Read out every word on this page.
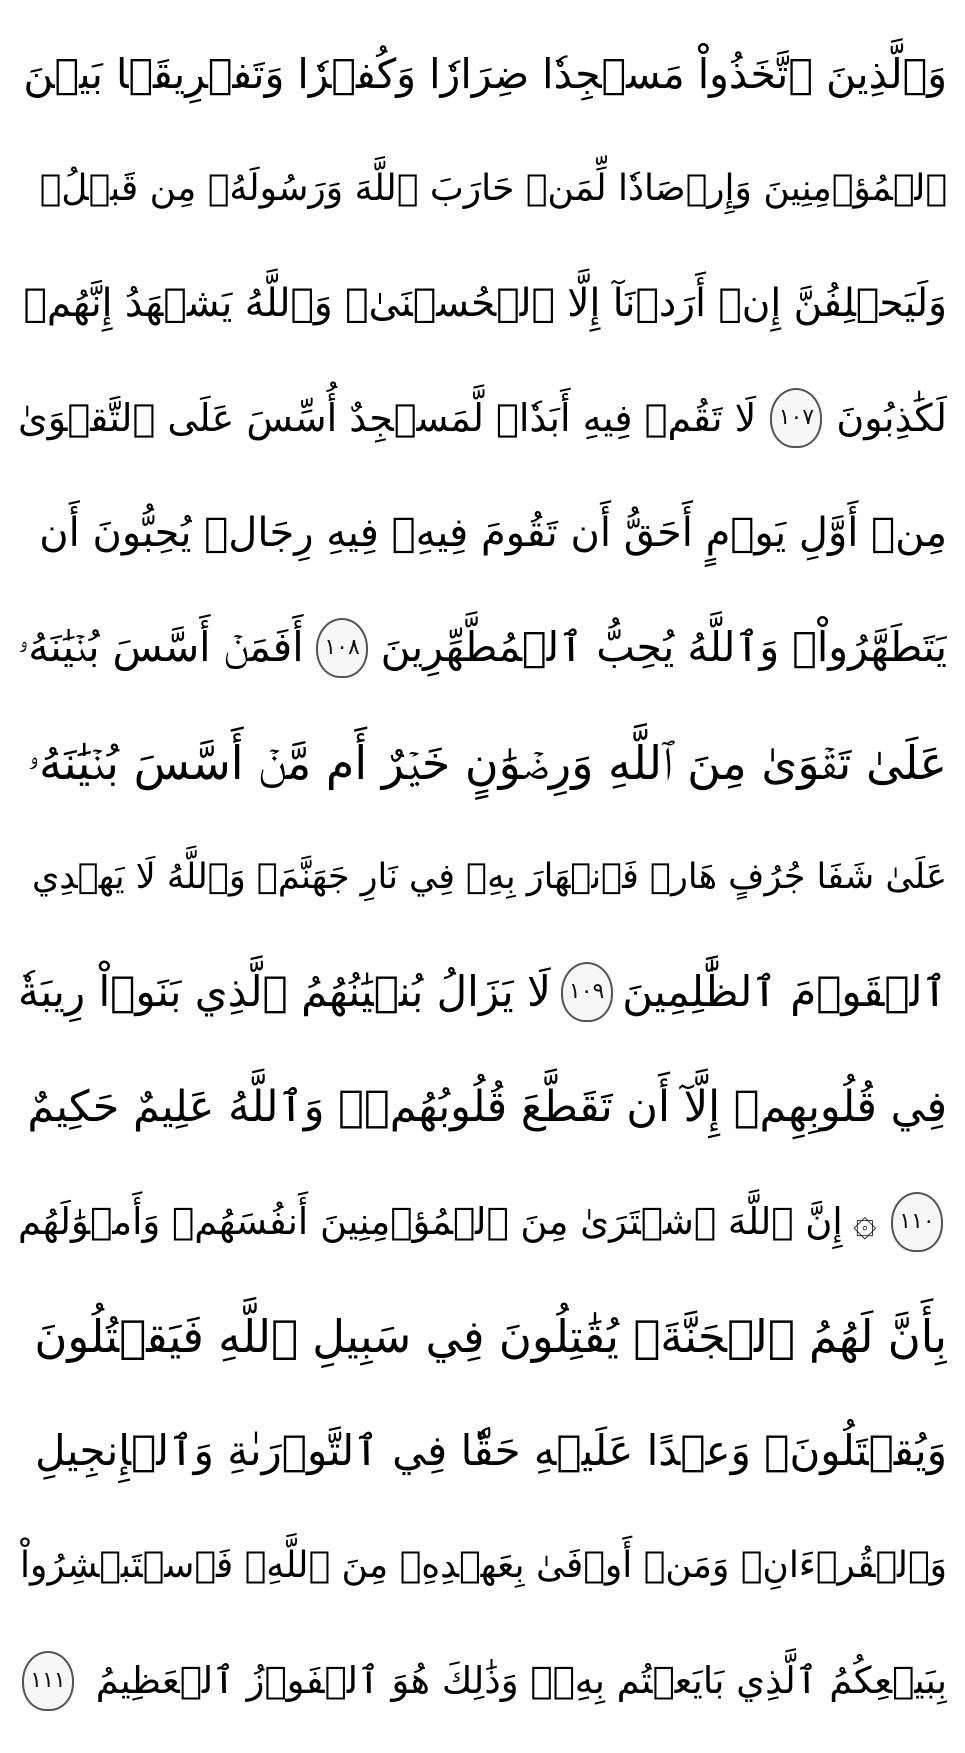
وَٱلَّذِينَ ٱتَّخَذُواْ مَسۡجِدٗا ضِرَارٗا وَكُفۡرٗا وَتَفۡرِيقَۢا بَيۡنَ
ٱلۡمُؤۡمِنِينَ وَإِرۡصَادٗا لِّمَنۡ حَارَبَ ٱللَّهَ وَرَسُولَهُۥ مِن قَبۡلُۚ
وَلَيَحۡلِفُنَّ إِنۡ أَرَدۡنَآ إِلَّا ٱلۡحُسۡنَىٰۖ وَٱللَّهُ يَشۡهَدُ إِنَّهُمۡ
لَكَٰذِبُونَ
١٠٧
لَا تَقُمۡ فِيهِ أَبَدٗاۚ لَّمَسۡجِدٌ أُسِّسَ عَلَى ٱلتَّقۡوَىٰ
مِنۡ أَوَّلِ يَوۡمٍ أَحَقُّ أَن تَقُومَ فِيهِۚ فِيهِ رِجَالٞ يُحِبُّونَ أَن
يَتَطَهَّرُواْۚ وَٱللَّهُ يُحِبُّ ٱلۡمُطَّهِّرِينَ
١٠٨
أَفَمَنۡ أَسَّسَ بُنۡيَٰنَهُۥ
عَلَىٰ تَقۡوَىٰ مِنَ ٱللَّهِ وَرِضۡوَٰنٍ خَيۡرٌ أَم مَّنۡ أَسَّسَ بُنۡيَٰنَهُۥ
عَلَىٰ شَفَا جُرُفٍ هَارٖ فَٱنۡهَارَ بِهِۦ فِي نَارِ جَهَنَّمَۗ وَٱللَّهُ لَا يَهۡدِي
ٱلۡقَوۡمَ ٱلظَّٰلِمِينَ
١٠٩
لَا يَزَالُ بُنۡيَٰنُهُمُ ٱلَّذِي بَنَوۡاْ رِيبَةٗ
فِي قُلُوبِهِمۡ إِلَّآ أَن تَقَطَّعَ قُلُوبُهُمۡۗ وَٱللَّهُ عَلِيمٌ حَكِيمٌ
١١٠
۞
إِنَّ ٱللَّهَ ٱشۡتَرَىٰ مِنَ ٱلۡمُؤۡمِنِينَ أَنفُسَهُمۡ وَأَمۡوَٰلَهُم
بِأَنَّ لَهُمُ ٱلۡجَنَّةَۚ يُقَٰتِلُونَ فِي سَبِيلِ ٱللَّهِ فَيَقۡتُلُونَ
وَيُقۡتَلُونَۖ وَعۡدًا عَلَيۡهِ حَقّٗا فِي ٱلتَّوۡرَىٰةِ وَٱلۡإِنجِيلِ
وَٱلۡقُرۡءَانِۚ وَمَنۡ أَوۡفَىٰ بِعَهۡدِهِۦ مِنَ ٱللَّهِۚ فَٱسۡتَبۡشِرُواْ
بِبَيۡعِكُمُ ٱلَّذِي بَايَعۡتُم بِهِۦۚ وَذَٰلِكَ هُوَ ٱلۡفَوۡزُ ٱلۡعَظِيمُ
١١١
